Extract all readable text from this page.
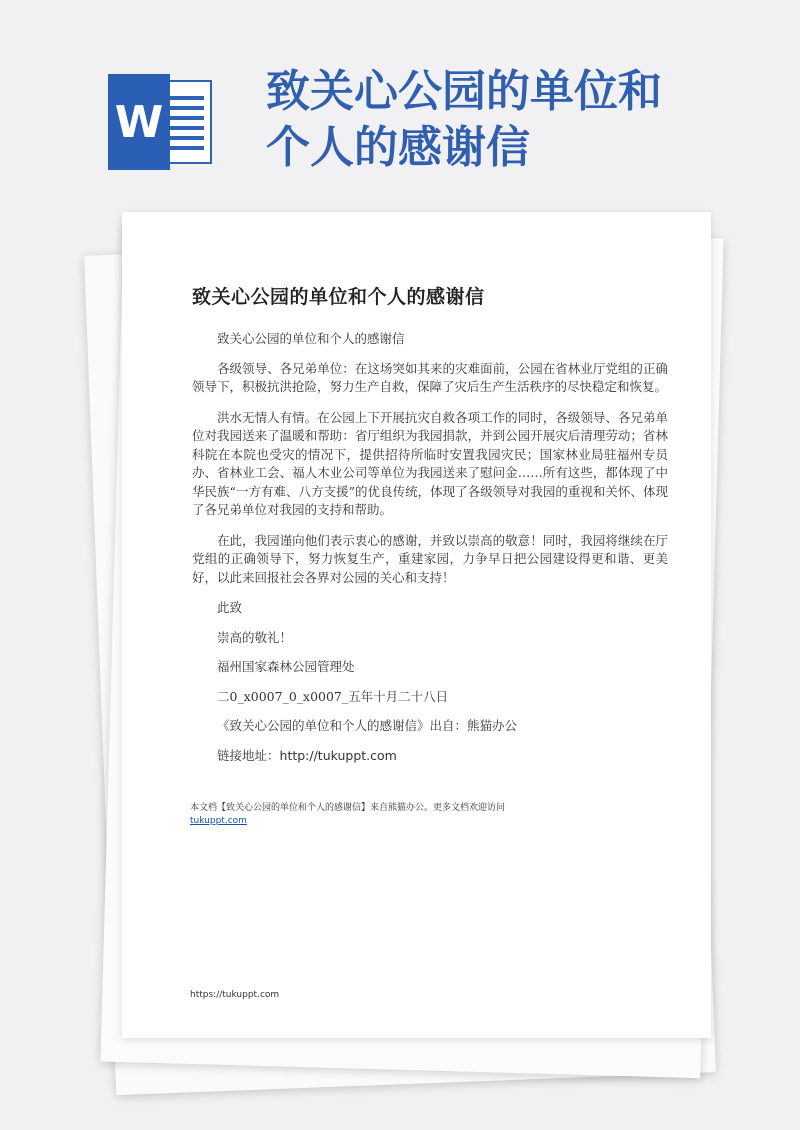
W
致关心公园的单位和个人的感谢信
致关心公园的单位和个人的感谢信

致关心公园的单位和个人的感谢信

各级领导、各兄弟单位：在这场突如其来的灾难面前，公园在省林业厅党组的正确领导下，积极抗洪抢险，努力生产自救，保障了灾后生产生活秩序的尽快稳定和恢复。

洪水无情人有情。在公园上下开展抗灾自救各项工作的同时，各级领导、各兄弟单位对我园送来了温暖和帮助：省厅组织为我园捐款，并到公园开展灾后清理劳动；省林科院在本院也受灾的情况下，提供招待所临时安置我园灾民；国家林业局驻福州专员办、省林业工会、福人木业公司等单位为我园送来了慰问金……所有这些，都体现了中华民族“一方有难、八方支援”的优良传统，体现了各级领导对我园的重视和关怀、体现了各兄弟单位对我园的支持和帮助。

在此，我园谨向他们表示衷心的感谢，并致以崇高的敬意！同时，我园将继续在厅党组的正确领导下，努力恢复生产，重建家园，力争早日把公园建设得更和谐、更美好，以此来回报社会各界对公园的关心和支持！

此致

崇高的敬礼！

福州国家森林公园管理处

二0_x0007_0_x0007_五年十月二十八日

《致关心公园的单位和个人的感谢信》出自：熊猫办公

链接地址：http://tukuppt.com

本文档【致关心公园的单位和个人的感谢信】来自熊猫办公。更多文档欢迎访问
tukuppt.com
https://tukuppt.com
